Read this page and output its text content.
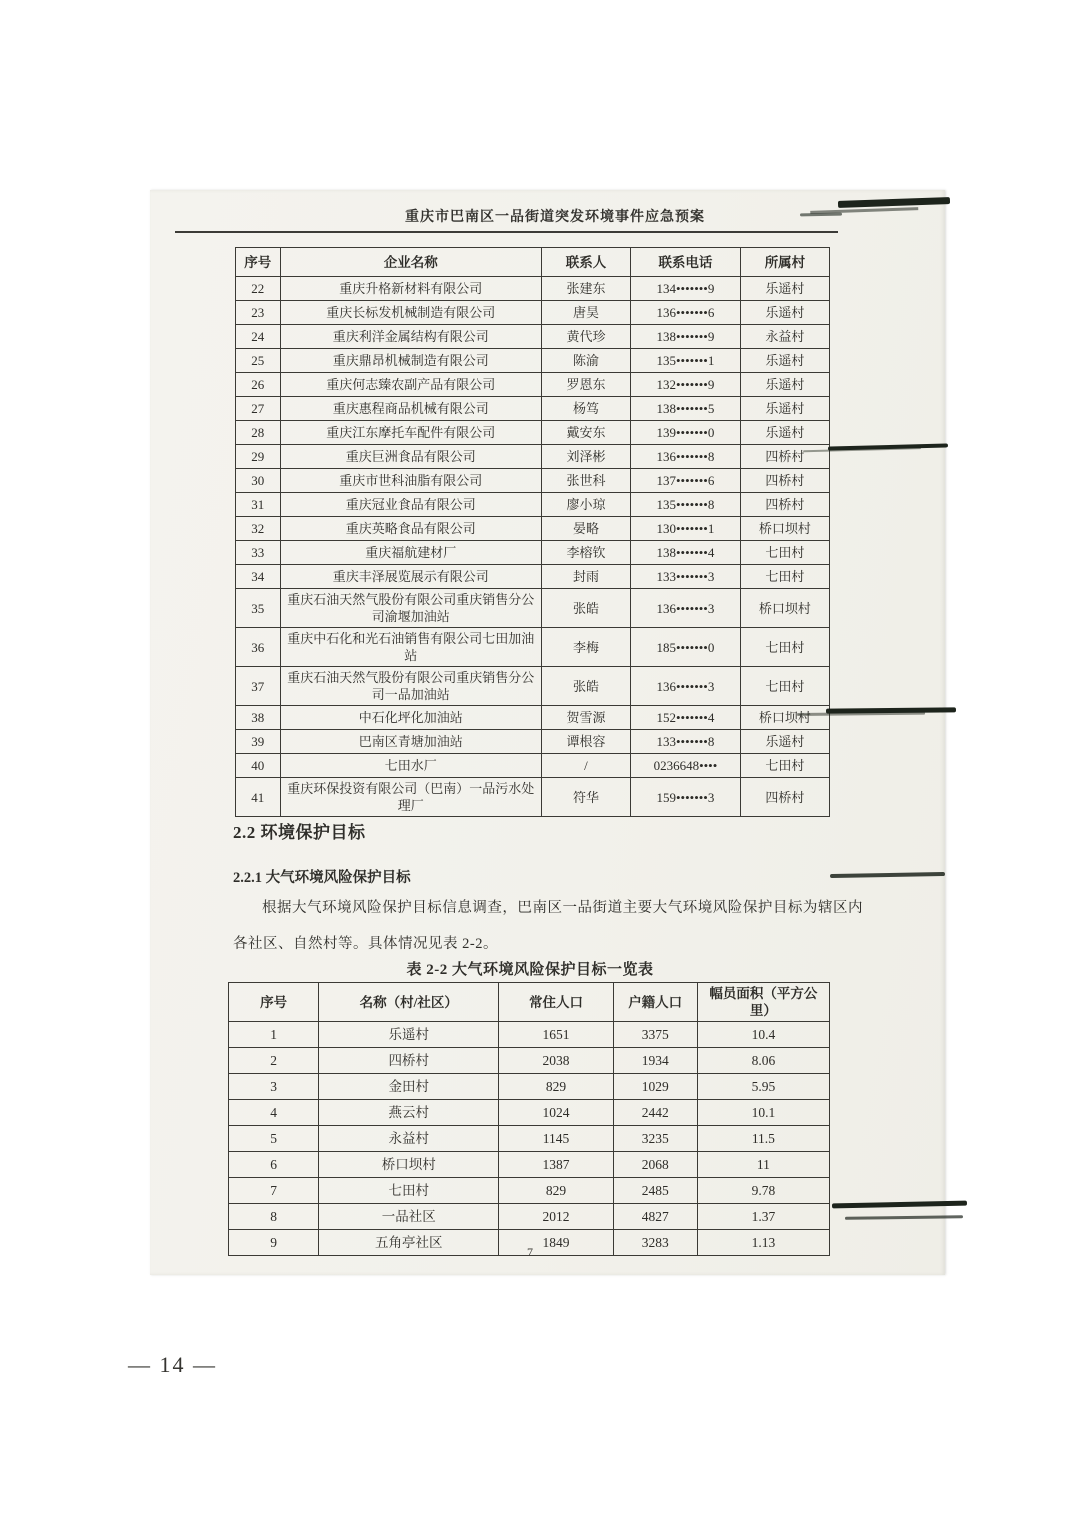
重庆市巴南区一品街道突发环境事件应急预案
序号	企业名称	联系人	联系电话	所属村
22	重庆升格新材料有限公司	张建东	134•••••••9	乐遥村
23	重庆长标发机械制造有限公司	唐昊	136•••••••6	乐遥村
24	重庆利洋金属结构有限公司	黄代珍	138•••••••9	永益村
25	重庆鼎昂机械制造有限公司	陈渝	135•••••••1	乐遥村
26	重庆何志臻农副产品有限公司	罗恩东	132•••••••9	乐遥村
27	重庆惠程商品机械有限公司	杨笃	138•••••••5	乐遥村
28	重庆江东摩托车配件有限公司	戴安东	139•••••••0	乐遥村
29	重庆巨洲食品有限公司	刘泽彬	136•••••••8	四桥村
30	重庆市世科油脂有限公司	张世科	137•••••••6	四桥村
31	重庆冠业食品有限公司	廖小琼	135•••••••8	四桥村
32	重庆英略食品有限公司	晏略	130•••••••1	桥口坝村
33	重庆福航建材厂	李榕钦	138•••••••4	七田村
34	重庆丰泽展览展示有限公司	封雨	133•••••••3	七田村
35	重庆石油天然气股份有限公司重庆销售分公司渝堰加油站	张皓	136•••••••3	桥口坝村
36	重庆中石化和光石油销售有限公司七田加油站	李梅	185•••••••0	七田村
37	重庆石油天然气股份有限公司重庆销售分公司一品加油站	张皓	136•••••••3	七田村
38	中石化坪化加油站	贺雪源	152•••••••4	桥口坝村
39	巴南区青塘加油站	谭根容	133•••••••8	乐遥村
40	七田水厂	/	0236648••••	七田村
41	重庆环保投资有限公司（巴南）一品污水处理厂	符华	159•••••••3	四桥村
2.2 环境保护目标
2.2.1 大气环境风险保护目标
根据大气环境风险保护目标信息调查，巴南区一品街道主要大气环境风险保护目标为辖区内各社区、自然村等。具体情况见表 2-2。
表 2-2 大气环境风险保护目标一览表
序号	名称（村/社区）	常住人口	户籍人口	幅员面积（平方公里）
1	乐遥村	1651	3375	10.4
2	四桥村	2038	1934	8.06
3	金田村	829	1029	5.95
4	燕云村	1024	2442	10.1
5	永益村	1145	3235	11.5
6	桥口坝村	1387	2068	11
7	七田村	829	2485	9.78
8	一品社区	2012	4827	1.37
9	五角亭社区	1849	3283	1.13
7
— 14 —
